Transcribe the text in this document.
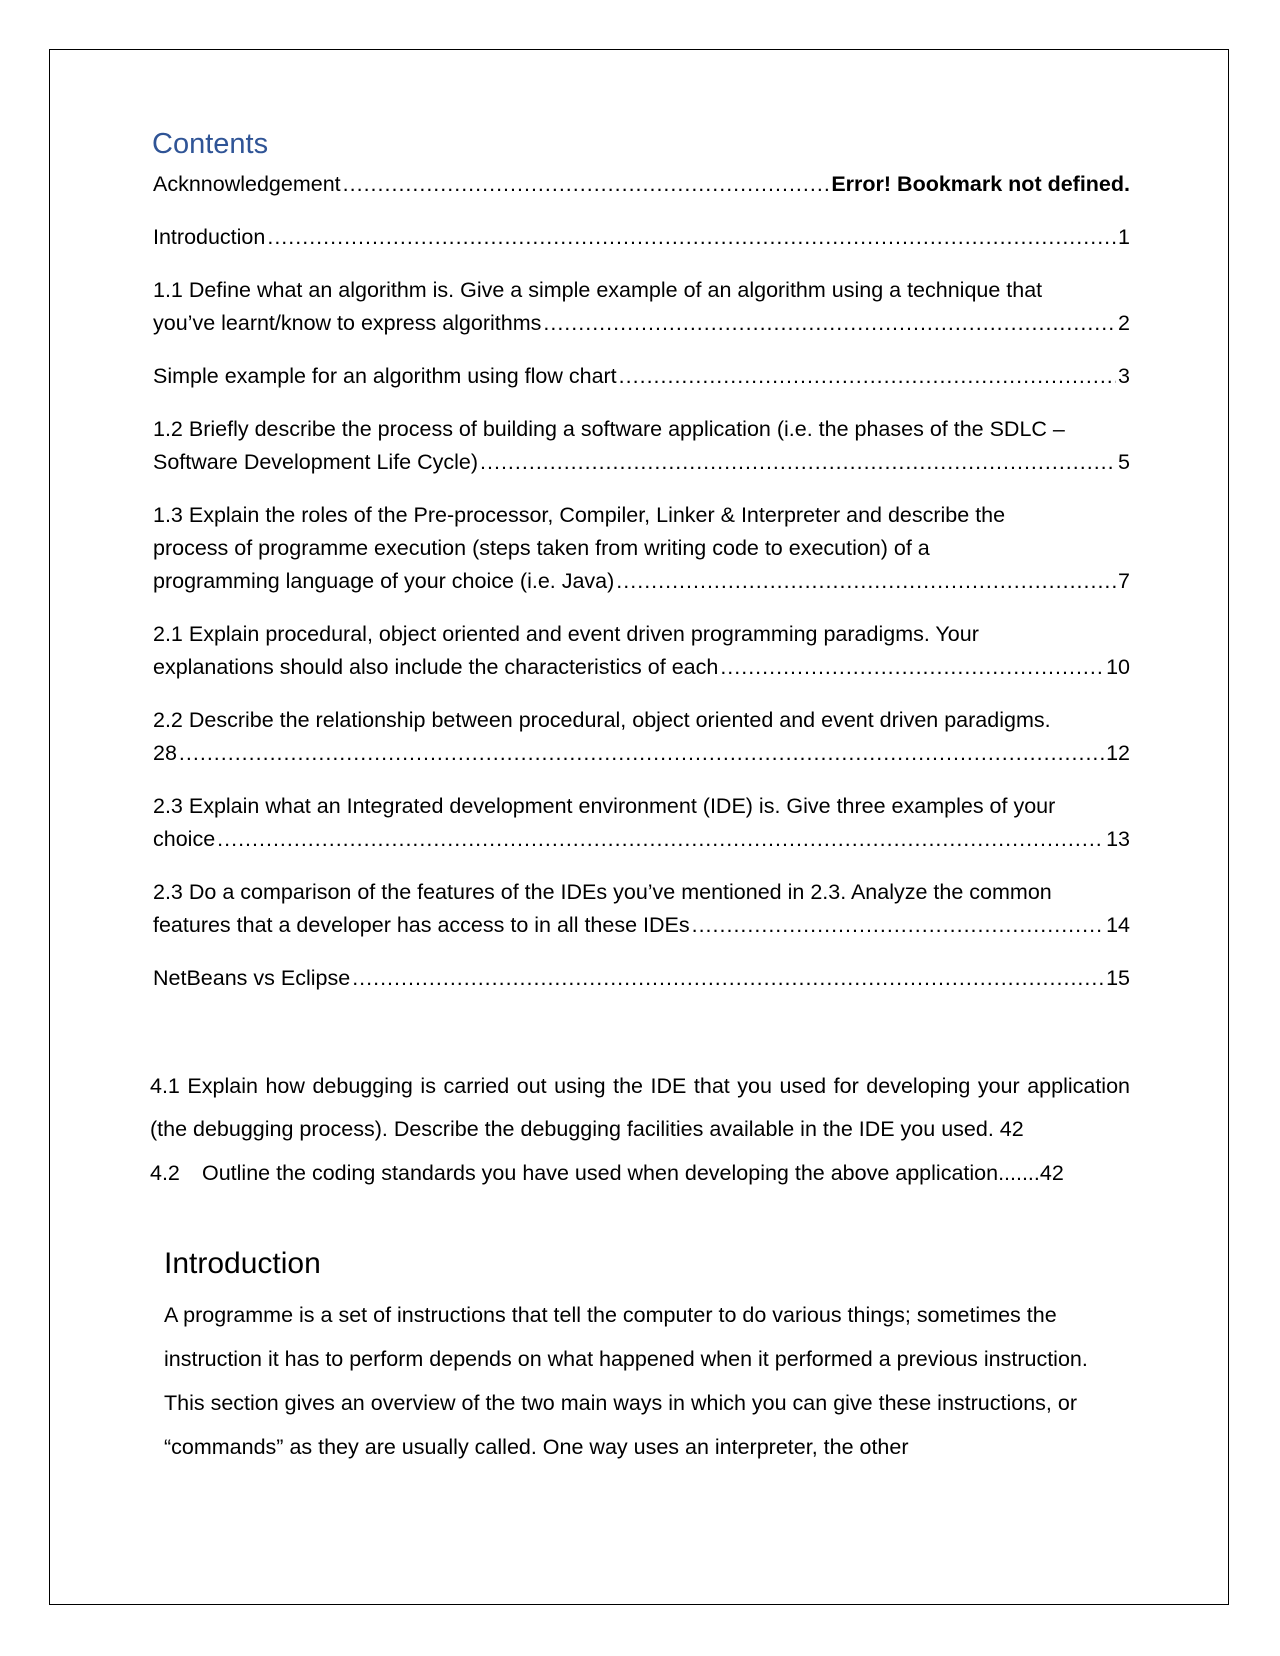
Contents
Acknnowledgement .....	Error! Bookmark not defined.
Introduction .....	1
1.1 Define what an algorithm is. Give a simple example of an algorithm using a technique that
you’ve learnt/know to express algorithms .....	2
Simple example for an algorithm using flow chart .....	3
1.2 Briefly describe the process of building a software application (i.e. the phases of the SDLC –
Software Development Life Cycle) .....	5
1.3 Explain the roles of the Pre-processor, Compiler, Linker & Interpreter and describe the
process of programme execution (steps taken from writing code to execution) of a
programming language of your choice (i.e. Java) .....	7
2.1 Explain procedural, object oriented and event driven programming paradigms. Your
explanations should also include the characteristics of each .....	10
2.2 Describe the relationship between procedural, object oriented and event driven paradigms.
28 .....	12
2.3 Explain what an Integrated development environment (IDE) is. Give three examples of your
choice .....	13
2.3 Do a comparison of the features of the IDEs you’ve mentioned in 2.3. Analyze the common
features that a developer has access to in all these IDEs .....	14
NetBeans vs Eclipse .....	15

4.1 Explain how debugging is carried out using the IDE that you used for developing your application (the debugging process). Describe the debugging facilities available in the IDE you used. 42

4.2	Outline the coding standards you have used when developing the above application.......42
Introduction

A programme is a set of instructions that tell the computer to do various things; sometimes the instruction it has to perform depends on what happened when it performed a previous instruction. This section gives an overview of the two main ways in which you can give these instructions, or “commands” as they are usually called. One way uses an interpreter, the other
